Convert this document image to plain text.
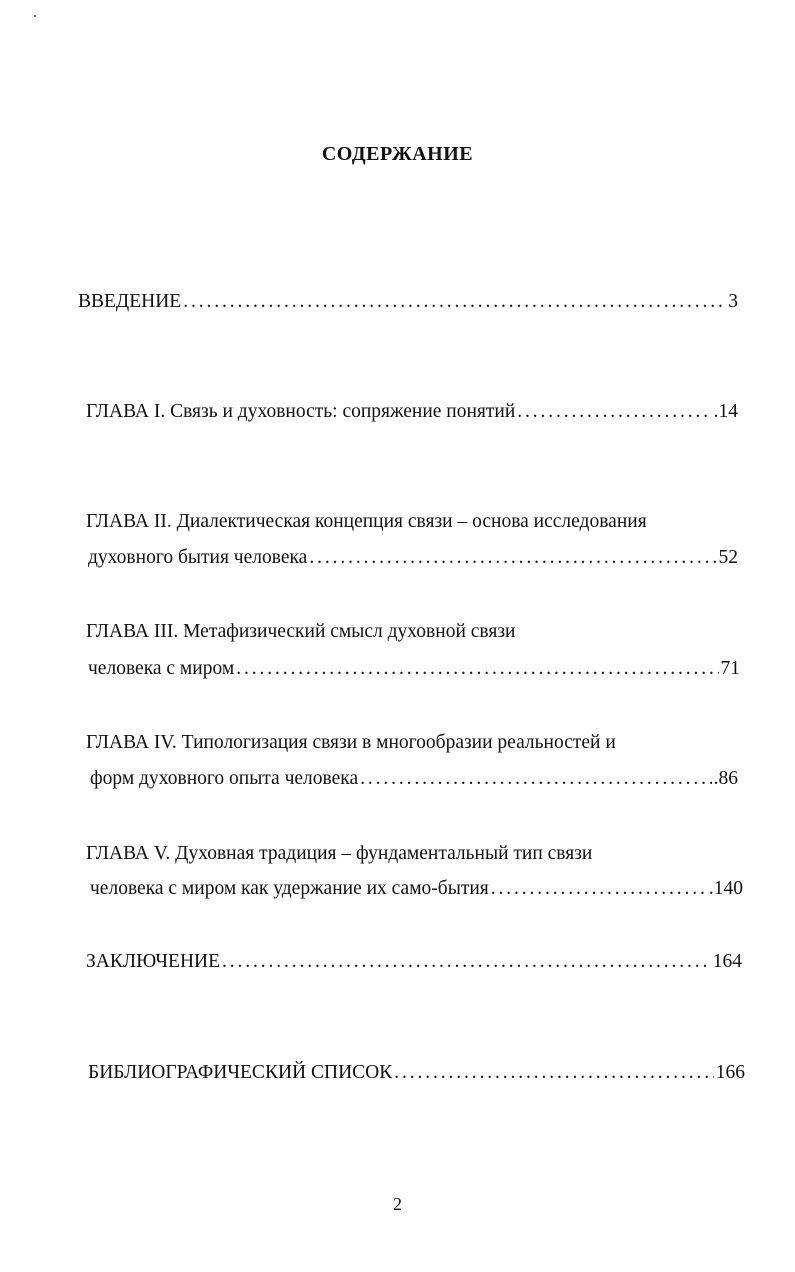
СОДЕРЖАНИЕ
ВВЕДЕНИЕ . . .	3
ГЛАВА I. Связь и духовность: сопряжение понятий . . .	.14
ГЛАВА II. Диалектическая концепция связи – основа исследования
духовного бытия человека . . .	52
ГЛАВА III. Метафизический смысл духовной связи
человека с миром . . .	71
ГЛАВА IV. Типологизация связи в многообразии реальностей и
форм духовного опыта человека . . .	.86
ГЛАВА V. Духовная традиция – фундаментальный тип связи
человека с миром как удержание их само-бытия . . .	.140
ЗАКЛЮЧЕНИЕ . . .	164
БИБЛИОГРАФИЧЕСКИЙ СПИСОК . . .	166
2
